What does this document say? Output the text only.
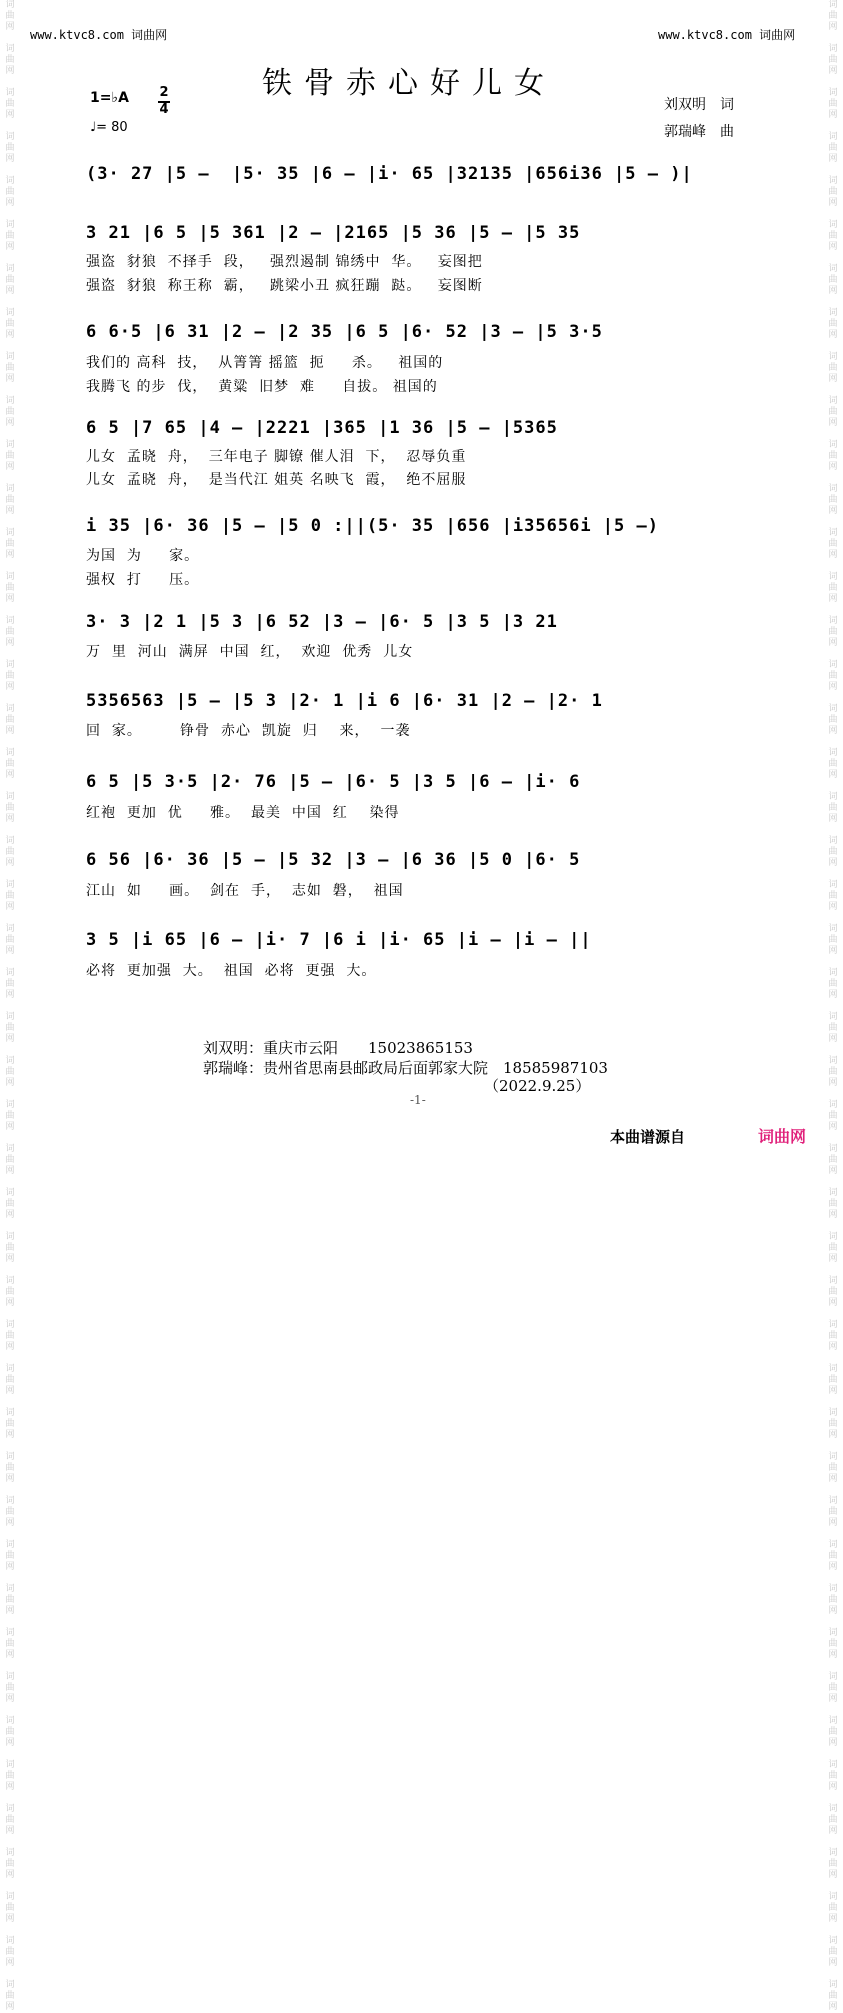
词曲网
词曲网
词曲网
词曲网
词曲网
词曲网
词曲网
词曲网
词曲网
词曲网
词曲网
词曲网
词曲网
词曲网
词曲网
词曲网
词曲网
词曲网
词曲网
词曲网
词曲网
词曲网
词曲网
词曲网
词曲网
词曲网
词曲网
词曲网
词曲网
词曲网
词曲网
词曲网
词曲网
词曲网
词曲网
词曲网
词曲网
词曲网
词曲网
词曲网
词曲网
词曲网
词曲网
词曲网
词曲网
词曲网
词曲网
词曲网
词曲网
词曲网
词曲网
词曲网
词曲网
词曲网
词曲网
词曲网
词曲网
词曲网
词曲网
词曲网
词曲网
词曲网
词曲网
词曲网
词曲网
词曲网
词曲网
词曲网
词曲网
词曲网
词曲网
词曲网
词曲网
词曲网
词曲网
词曲网
词曲网
词曲网
词曲网
词曲网
词曲网
词曲网
词曲网
词曲网
词曲网
词曲网
词曲网
词曲网
词曲网
词曲网
词曲网
词曲网
www.ktvc8.com 词曲网	www.ktvc8.com 词曲网
铁骨赤心好儿女
刘双明　词
郭瑞峰　曲
1=♭A 2
4
♩= 80
(3· 27 |5 —  |5· 35 |6 — |i· 65 |32135 |656i36 |5 — )|
3 21 |6 5 |5 361 |2 — |2165 |5 36 |5 — |5 35
强盗  豺狼  不择手  段，   强烈遏制 锦绣中  华。   妄图把
强盗  豺狼  称王称  霸，   跳梁小丑 疯狂蹦  跶。   妄图断
6 6·5 |6 31 |2 — |2 35 |6 5 |6· 52 |3 — |5 3·5
我们的 高科  技，  从箐箐 摇篮  扼     杀。   祖国的
我腾飞 的步  伐，  黄粱  旧梦  难     自拔。 祖国的
6 5 |7 65 |4 — |2221 |365 |1 36 |5 — |5365
儿女  孟晓  舟，  三年电子 脚镣 催人泪  下，  忍辱负重
儿女  孟晓  舟，  是当代江 姐英 名映飞  霞，  绝不屈服
i 35 |6· 36 |5 — |5 0 :||(5· 35 |656 |i35656i |5 —)
为国  为     家。
强权  打     压。
3· 3 |2 1 |5 3 |6 52 |3 — |6· 5 |3 5 |3 21
万  里  河山  满屏  中国  红，  欢迎  优秀  儿女
5356563 |5 — |5 3 |2· 1 |i 6 |6· 31 |2 — |2· 1
回  家。       铮骨  赤心  凯旋  归    来，  一袭
6 5 |5 3·5 |2· 76 |5 — |6· 5 |3 5 |6 — |i· 6
红袍  更加  优     雅。  最美  中国  红    染得
6 56 |6· 36 |5 — |5 32 |3 — |6 36 |5 0 |6· 5
江山  如     画。  剑在  手，  志如  磐，  祖国
3 5 |i 65 |6 — |i· 7 |6 i |i· 65 |i — |i — ||
必将  更加强  大。  祖国  必将  更强  大。
刘双明：重庆市云阳　　15023865153
郭瑞峰：贵州省思南县邮政局后面郭家大院　18585987103
（2022.9.25）
-1-
本曲谱源自	词曲网
